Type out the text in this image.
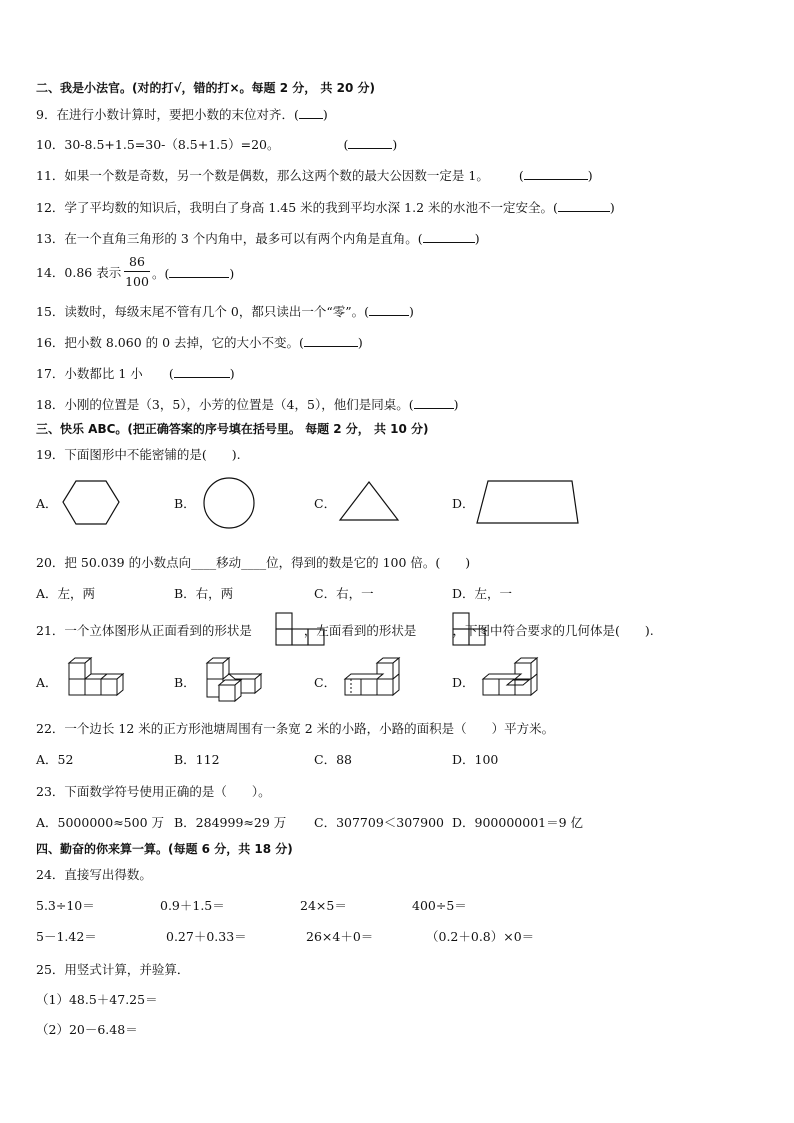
二、我是小法官。(对的打√，错的打×。每题 2 分， 共 20 分)
9．在进行小数计算时，要把小数的末位对齐．( )
10．30-8.5+1.5=30-（8.5+1.5）=20。	(	)
11．如果一个数是奇数，另一个数是偶数，那么这两个数的最大公因数一定是 1。 (	)
12．学了平均数的知识后，我明白了身高 1.45 米的我到平均水深 1.2 米的水池不一定安全。(	)
13．在一个直角三角形的 3 个内角中，最多可以有两个内角是直角。(	)
14．0.86 表示
86
100
。(	)
15．读数时，每级末尾不管有几个 0，都只读出一个“零”。(	)
16．把小数 8.060 的 0 去掉，它的大小不变。(	)
17．小数都比 1 小 (	)
18．小刚的位置是（3，5），小芳的位置是（4，5），他们是同桌。(	)
三、快乐 ABC。(把正确答案的序号填在括号里。 每题 2 分， 共 10 分)
19．下面图形中不能密铺的是(　　).
A．	B．	C．	D．
20．把 50.039 的小数点向____移动____位，得到的数是它的 100 倍。(　　)
A．左，两	B．右，两	C．右，一	D．左，一
21．一个立体图形从正面看到的形状是	，左面看到的形状是	，下图中符合要求的几何体是(　　).
A．	B．	C．	D．
22．一个边长 12 米的正方形池塘周围有一条宽 2 米的小路，小路的面积是（　　）平方米。
A．52	B．112	C．88	D．100
23．下面数学符号使用正确的是（　　）。
A．5000000≈500 万 B．284999≈29 万 C．307709＜307900 D．900000001＝9 亿
四、勤奋的你来算一算。(每题 6 分，共 18 分)
24．直接写出得数。
5.3÷10＝	0.9＋1.5＝	24×5＝	400÷5＝
5－1.42＝	0.27＋0.33＝	26×4＋0＝	（0.2＋0.8）×0＝
25．用竖式计算，并验算．
（1）48.5＋47.25＝
（2）20－6.48＝
